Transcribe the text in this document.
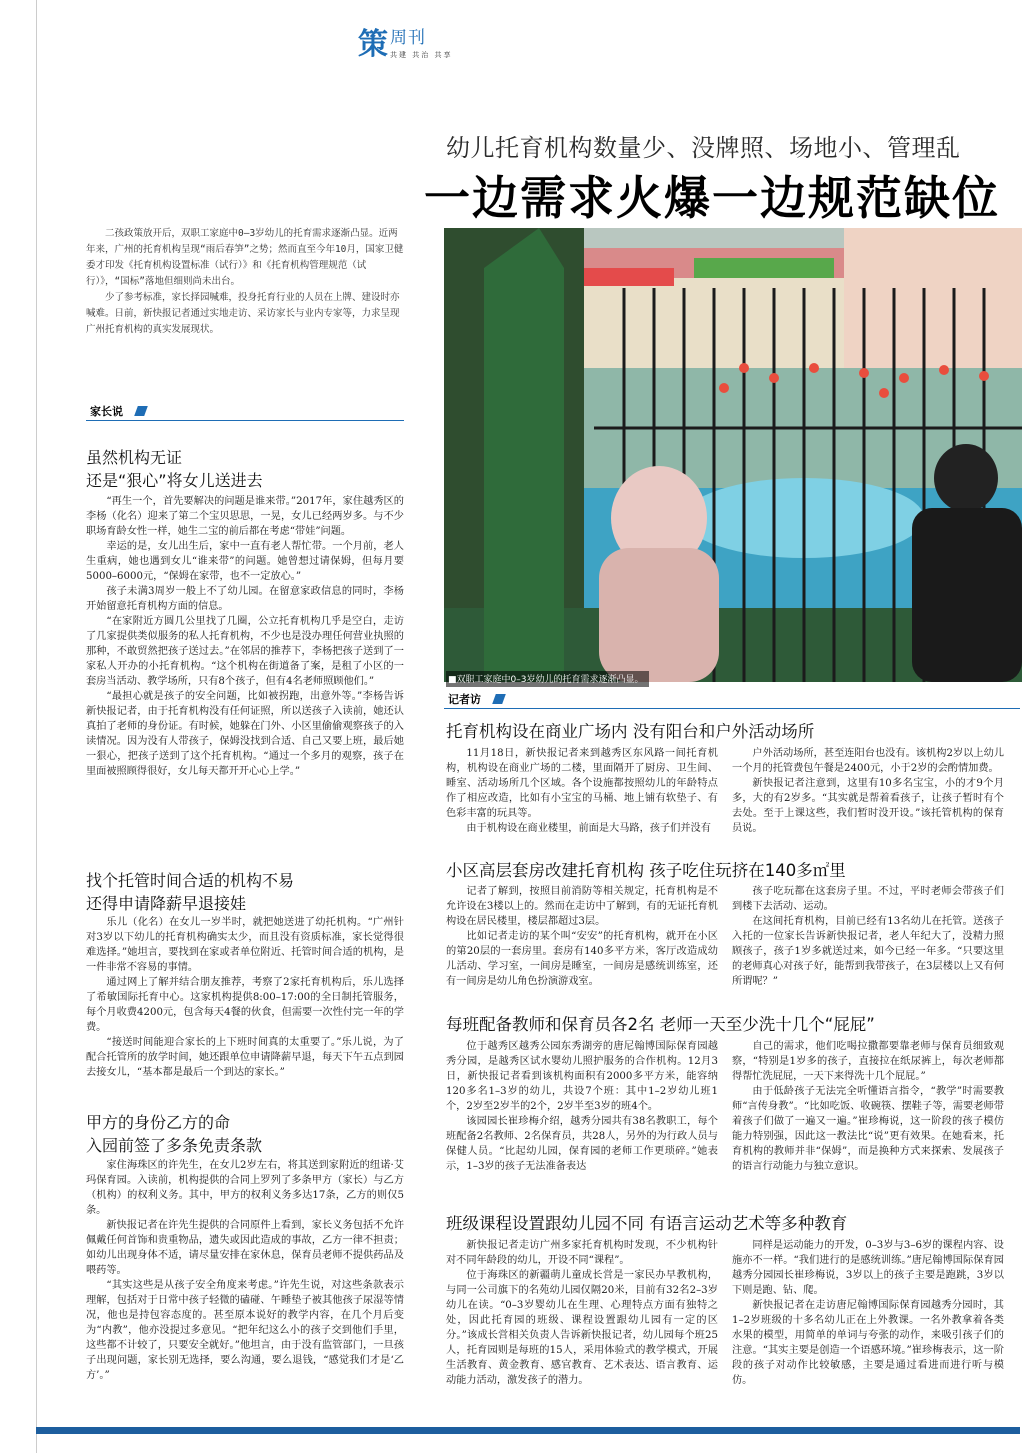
策 周刊
共建 共治 共享
幼儿托育机构数量少、没牌照、场地小、管理乱
一边需求火爆一边规范缺位

二孩政策放开后，双职工家庭中0–3岁幼儿的托育需求逐渐凸显。近两年来，广州的托育机构呈现“雨后春笋”之势；然而直至今年10月，国家卫健委才印发《托育机构设置标准（试行）》和《托育机构管理规范（试行）》，“国标”落地但细则尚未出台。

少了参考标准，家长择园喊难，投身托育行业的人员在上牌、建设时亦喊难。日前，新快报记者通过实地走访、采访家长与业内专家等，力求呈现广州托育机构的真实发展现状。

家长说
虽然机构无证
还是“狠心”将女儿送进去

“再生一个，首先要解决的问题是谁来带。”2017年，家住越秀区的李杨（化名）迎来了第二个宝贝思思，一晃，女儿已经两岁多。与不少职场育龄女性一样，她生二宝的前后都在考虑“带娃”问题。

幸运的是，女儿出生后，家中一直有老人帮忙带。一个月前，老人生重病，她也遇到女儿“谁来带”的问题。她曾想过请保姆，但每月要5000–6000元，“保姆在家带，也不一定放心。”

孩子未满3周岁一般上不了幼儿园。在留意家政信息的同时，李杨开始留意托育机构方面的信息。

“在家附近方圆几公里找了几圈，公立托育机构几乎是空白，走访了几家提供类似服务的私人托育机构，不少也是没办理任何营业执照的那种，不敢贸然把孩子送过去。”在邻居的推荐下，李杨把孩子送到了一家私人开办的小托育机构。“这个机构在街道备了案，是租了小区的一套房当活动、教学场所，只有8个孩子，但有4名老师照顾他们。”

“最担心就是孩子的安全问题，比如被拐跑，出意外等。”李杨告诉新快报记者，由于托育机构没有任何证照，所以送孩子入读前，她还认真拍了老师的身份证。有时候，她躲在门外、小区里偷偷观察孩子的入读情况。因为没有人带孩子，保姆没找到合适、自己又要上班，最后她一狠心，把孩子送到了这个托育机构。“通过一个多月的观察，孩子在里面被照顾得很好，女儿每天都开开心心上学。”

找个托管时间合适的机构不易
还得申请降薪早退接娃

乐儿（化名）在女儿一岁半时，就把她送进了幼托机构。“广州针对3岁以下幼儿的托育机构确实太少，而且没有资质标准，家长觉得很难选择。”她坦言，要找到在家或者单位附近、托管时间合适的机构，是一件非常不容易的事情。

通过网上了解并结合朋友推荐，考察了2家托育机构后，乐儿选择了希敏国际托育中心。这家机构提供8:00–17:00的全日制托管服务，每个月收费4200元，包含每天4餐的伙食，但需要一次性付完一年的学费。

“接送时间能迎合家长的上下班时间真的太重要了。”乐儿说，为了配合托管所的放学时间，她还跟单位申请降薪早退，每天下午五点到园去接女儿，“基本都是最后一个到达的家长。”

甲方的身份乙方的命
入园前签了多条免责条款

家住海珠区的许先生，在女儿2岁左右，将其送到家附近的纽诺·艾玛保育园。入读前，机构提供的合同上罗列了多条甲方（家长）与乙方（机构）的权利义务。其中，甲方的权利义务多达17条，乙方的则仅5条。

新快报记者在许先生提供的合同原件上看到，家长义务包括不允许佩戴任何首饰和贵重物品，遗失或因此造成的事故，乙方一律不担责；如幼儿出现身体不适，请尽量安排在家休息，保育员老师不提供药品及喂药等。

“其实这些是从孩子安全角度来考虑。”许先生说，对这些条款表示理解，包括对于日常中孩子轻微的磕碰、午睡垫子被其他孩子尿湿等情况，他也是持包容态度的。甚至原本说好的教学内容，在几个月后变为“内教”，他亦没提过多意见。“把年纪这么小的孩子交到他们手里，这些都不计较了，只要安全就好。”他坦言，由于没有监管部门，一旦孩子出现问题，家长别无选择，要么沟通，要么退钱，“感觉我们才是‘乙方’。”

■双职工家庭中0–3岁幼儿的托育需求逐渐凸显。
记者访
托育机构设在商业广场内 没有阳台和户外活动场所

11月18日，新快报记者来到越秀区东风路一间托育机构，机构设在商业广场的二楼，里面隔开了厨房、卫生间、睡室、活动场所几个区域。各个设施都按照幼儿的年龄特点作了相应改造，比如有小宝宝的马桶、地上铺有软垫子、有色彩丰富的玩具等。

由于机构设在商业楼里，前面是大马路，孩子们并没有

户外活动场所，甚至连阳台也没有。该机构2岁以上幼儿一个月的托管费包午餐是2400元，小于2岁的会酌情加费。

新快报记者注意到，这里有10多名宝宝，小的才9个月多，大的有2岁多。“其实就是帮着看孩子，让孩子暂时有个去处。至于上课这些，我们暂时没开设。”该托管机构的保育员说。

小区高层套房改建托育机构 孩子吃住玩挤在140多㎡里

记者了解到，按照目前消防等相关规定，托育机构是不允许设在3楼以上的。然而在走访中了解到，有的无证托育机构设在居民楼里，楼层都超过3层。

比如记者走访的某个叫“安安”的托育机构，就开在小区的第20层的一套房里。套房有140多平方米，客厅改造成幼儿活动、学习室，一间房是睡室，一间房是感统训练室，还有一间房是幼儿角色扮演游戏室。

孩子吃玩都在这套房子里。不过，平时老师会带孩子们到楼下去活动、运动。

在这间托育机构，目前已经有13名幼儿在托管。送孩子入托的一位家长告诉新快报记者，老人年纪大了，没精力照顾孩子，孩子1岁多就送过来，如今已经一年多。“只要这里的老师真心对孩子好，能帮到我带孩子，在3层楼以上又有何所谓呢？”

每班配备教师和保育员各2名 老师一天至少洗十几个“屁屁”

位于越秀区越秀公园东秀湖旁的唐尼翰博国际保育园越秀分园，是越秀区试水婴幼儿照护服务的合作机构。12月3日，新快报记者看到该机构面积有2000多平方米，能容纳120多名1–3岁的幼儿，共设7个班：其中1–2岁幼儿班1个，2岁至2岁半的2个，2岁半至3岁的班4个。

该园园长崔珍梅介绍，越秀分园共有38名教职工，每个班配备2名教师、2名保育员，共28人，另外的为行政人员与保健人员。“比起幼儿园，保育园的老师工作更琐碎。”她表示，1–3岁的孩子无法准备表达

自己的需求，他们吃喝拉撒都要靠老师与保育员细致观察，“特别是1岁多的孩子，直接拉在纸尿裤上，每次老师都得帮忙洗屁屁，一天下来得洗十几个屁屁。”

由于低龄孩子无法完全听懂语言指令，“教学”时需要教师“言传身教”。“比如吃饭、收碗筷、摆鞋子等，需要老师带着孩子们做了一遍又一遍。”崔珍梅说，这一阶段的孩子模仿能力特别强，因此这一教法比“说”更有效果。在她看来，托育机构的教师并非“保姆”，而是换种方式来探索、发展孩子的语言行动能力与独立意识。

班级课程设置跟幼儿园不同 有语言运动艺术等多种教育

新快报记者走访广州多家托育机构时发现，不少机构针对不同年龄段的幼儿，开设不同“课程”。

位于海珠区的新疆萌儿童成长営是一家民办早教机构，与同一公司旗下的名苑幼儿园仅隔20米，目前有32名2–3岁幼儿在读。“0–3岁婴幼儿在生理、心理特点方面有独特之处，因此托育园的班级、课程设置跟幼儿园有一定的区分。”该成长営相关负责人告诉新快报记者，幼儿园每个班25人，托育园则是每班的15人，采用体验式的教学模式，开展生活教育、黄金教育、感官教育、艺术表达、语言教育、运动能力活动，激发孩子的潜力。

同样是运动能力的开发，0–3岁与3–6岁的课程内容、设施亦不一样。“我们进行的是感统训练。”唐尼翰博国际保育园越秀分园园长崔珍梅说，3岁以上的孩子主要是跑跳，3岁以下则是跑、钻、爬。

新快报记者在走访唐尼翰博国际保育园越秀分园时，其1–2岁班级的十多名幼儿正在上外教课。一名外教拿着各类水果的模型，用简单的单词与夸张的动作，来吸引孩子们的注意。“其实主要是创造一个语感环境。”崔珍梅表示，这一阶段的孩子对动作比较敏感，主要是通过看进而进行听与模仿。
